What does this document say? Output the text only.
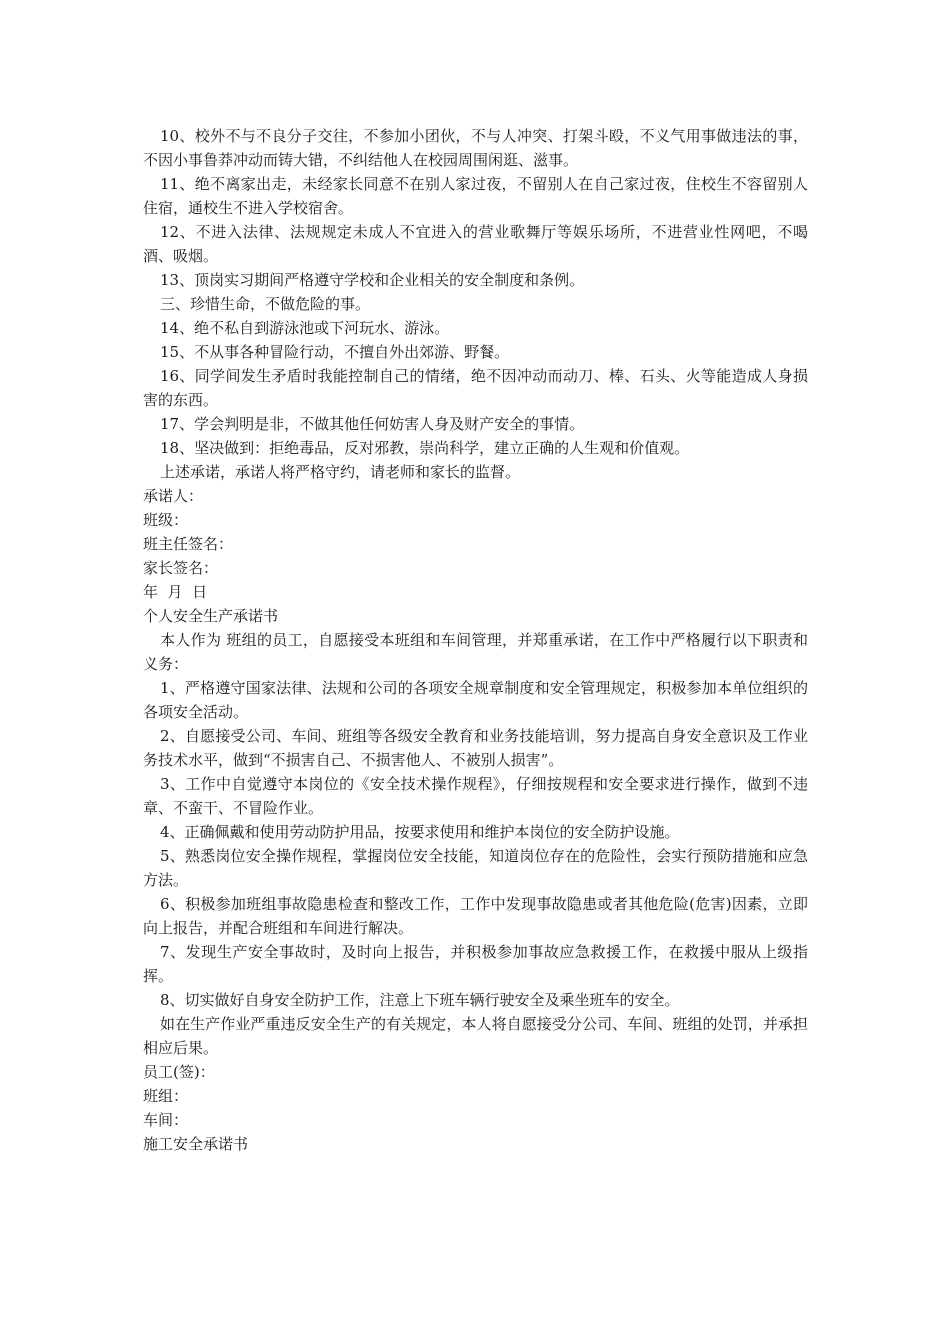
10、校外不与不良分子交往，不参加小团伙，不与人冲突、打架斗殴，不义气用事做违法的事，不因小事鲁莽冲动而铸大错，不纠结他人在校园周围闲逛、滋事。

11、绝不离家出走，未经家长同意不在别人家过夜，不留别人在自己家过夜，住校生不容留别人住宿，通校生不进入学校宿舍。

12、不进入法律、法规规定未成人不宜进入的营业歌舞厅等娱乐场所，不进营业性网吧，不喝酒、吸烟。

13、顶岗实习期间严格遵守学校和企业相关的安全制度和条例。

三、珍惜生命，不做危险的事。

14、绝不私自到游泳池或下河玩水、游泳。

15、不从事各种冒险行动，不擅自外出郊游、野餐。

16、同学间发生矛盾时我能控制自己的情绪，绝不因冲动而动刀、棒、石头、火等能造成人身损害的东西。

17、学会判明是非，不做其他任何妨害人身及财产安全的事情。

18、坚决做到：拒绝毒品，反对邪教，崇尚科学，建立正确的人生观和价值观。

上述承诺，承诺人将严格守约，请老师和家长的监督。

承诺人：

班级：

班主任签名：

家长签名：

年  月  日

个人安全生产承诺书

本人作为 班组的员工，自愿接受本班组和车间管理，并郑重承诺，在工作中严格履行以下职责和义务：

1、严格遵守国家法律、法规和公司的各项安全规章制度和安全管理规定，积极参加本单位组织的各项安全活动。

2、自愿接受公司、车间、班组等各级安全教育和业务技能培训，努力提高自身安全意识及工作业务技术水平，做到“不损害自己、不损害他人、不被别人损害”。

3、工作中自觉遵守本岗位的《安全技术操作规程》，仔细按规程和安全要求进行操作，做到不违章、不蛮干、不冒险作业。

4、正确佩戴和使用劳动防护用品，按要求使用和维护本岗位的安全防护设施。

5、熟悉岗位安全操作规程，掌握岗位安全技能，知道岗位存在的危险性，会实行预防措施和应急方法。

6、积极参加班组事故隐患检查和整改工作，工作中发现事故隐患或者其他危险(危害)因素，立即向上报告，并配合班组和车间进行解决。

7、发现生产安全事故时，及时向上报告，并积极参加事故应急救援工作，在救援中服从上级指挥。

8、切实做好自身安全防护工作，注意上下班车辆行驶安全及乘坐班车的安全。

如在生产作业严重违反安全生产的有关规定，本人将自愿接受分公司、车间、班组的处罚，并承担相应后果。

员工(签)：

班组：

车间：

施工安全承诺书
